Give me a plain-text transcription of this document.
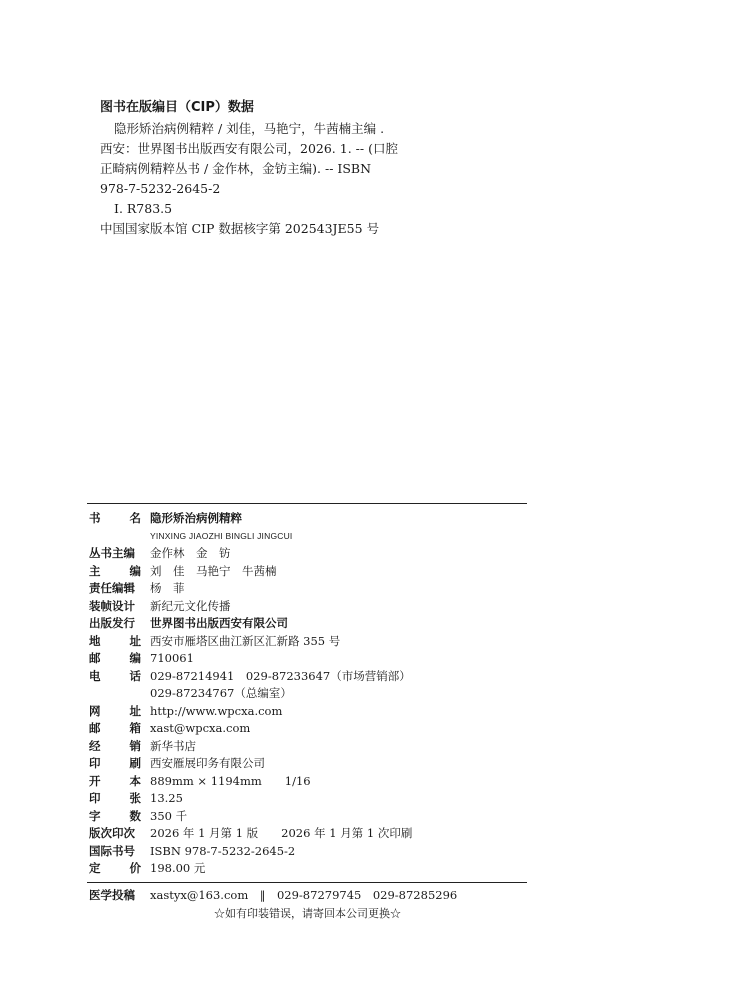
图书在版编目（CIP）数据
隐形矫治病例精粹 / 刘佳，马艳宁，牛茜楠主编 .
西安：世界图书出版西安有限公司，2026. 1. -- (口腔
正畸病例精粹丛书 / 金作林，金钫主编). -- ISBN
978-7-5232-2645-2
Ⅰ. R783.5
中国国家版本馆 CIP 数据核字第 202543JE55 号
书	名 隐形矫治病例精粹
YINXING JIAOZHI BINGLI JINGCUI
丛书主编	金作林　金　钫
主	编 刘　佳　马艳宁　牛茜楠
责任编辑	杨　菲
装帧设计	新纪元文化传播
出版发行	世界图书出版西安有限公司
地	址 西安市雁塔区曲江新区汇新路 355 号
邮	编 710061
电	话 029-87214941　029-87233647（市场营销部）
029-87234767（总编室）
网	址 http://www.wpcxa.com
邮	箱 xast@wpcxa.com
经	销 新华书店
印	刷 西安雁展印务有限公司
开	本 889mm × 1194mm　　1/16
印	张 13.25
字	数 350 千
版次印次	2026 年 1 月第 1 版　　2026 年 1 月第 1 次印刷
国际书号	ISBN 978-7-5232-2645-2
定	价 198.00 元
医学投稿	xastyx@163.com　‖　029-87279745　029-87285296
☆如有印装错误，请寄回本公司更换☆
